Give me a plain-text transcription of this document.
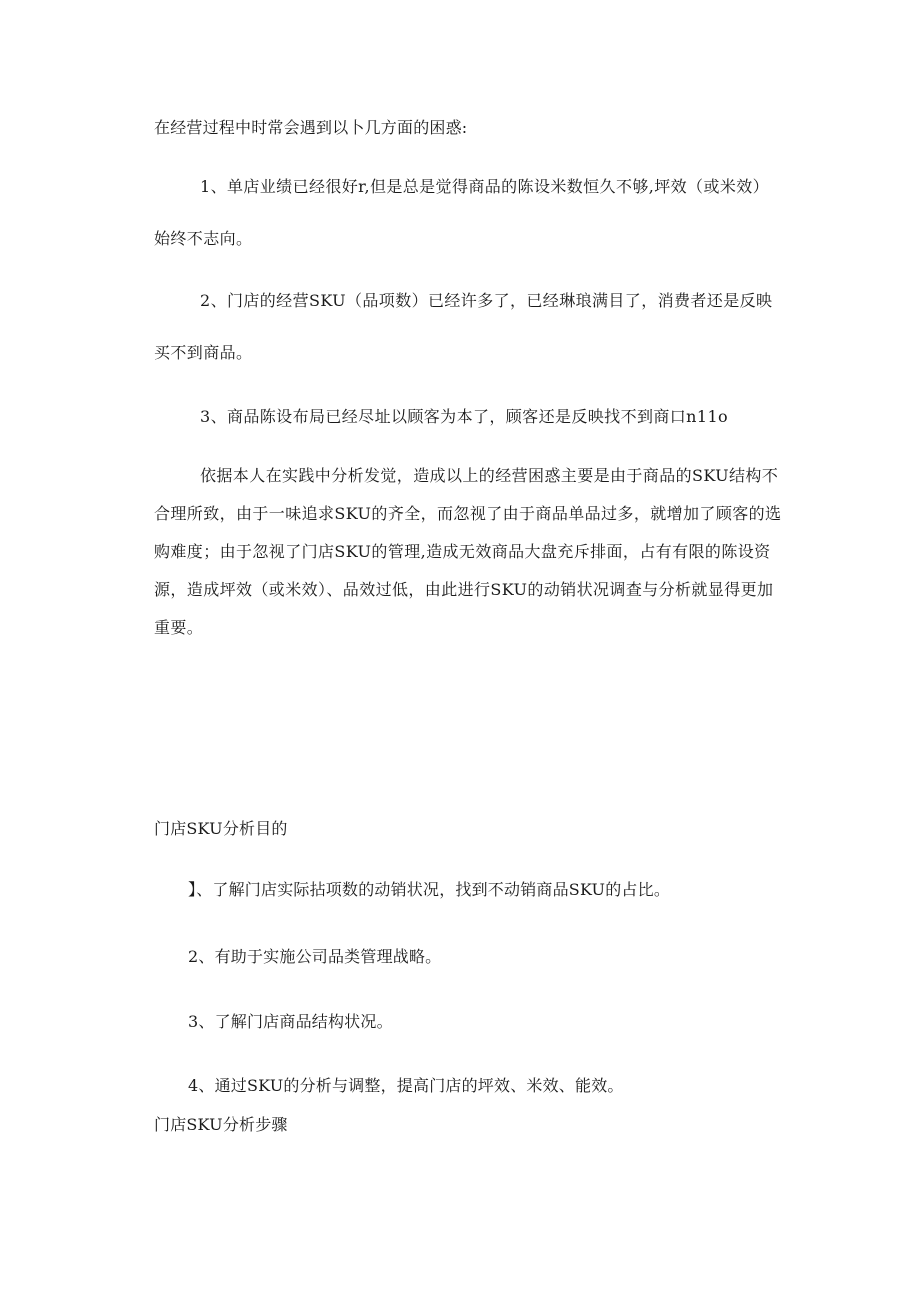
在经营过程中时常会遇到以卜几方面的困惑:

1、单店业绩已经很好r,但是总是觉得商品的陈设米数恒久不够,坪效（或米效）始终不志向。

2、门店的经营SKU（品项数）已经许多了，已经琳琅满目了，消费者还是反映买不到商品。

3、商品陈设布局已经尽址以顾客为本了，顾客还是反映找不到商口n11o

依据本人在实践中分析发觉，造成以上的经营困惑主要是由于商品的SKU结构不合理所致，由于一味追求SKU的齐全，而忽视了由于商品单品过多，就增加了顾客的选购难度；由于忽视了门店SKU的管理,造成无效商品大盘充斥排面，占有有限的陈设资源，造成坪效（或米效）、品效过低，由此进行SKU的动销状况调查与分析就显得更加重要。

门店SKU分析目的

】、了解门店实际拈项数的动销状况，找到不动销商品SKU的占比。

2、有助于实施公司品类管理战略。

3、了解门店商品结构状况。

4、通过SKU的分析与调整，提高门店的坪效、米效、能效。

门店SKU分析步骤
